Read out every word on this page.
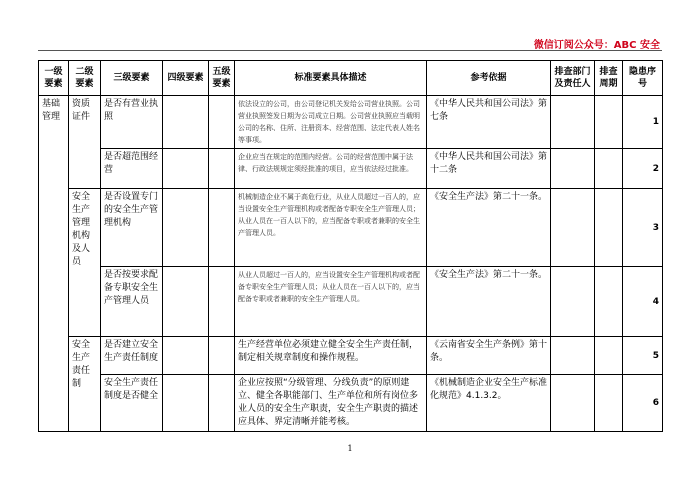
微信订阅公众号：ABC 安全
一级要素	二级要素	三级要素	四级要素	五级要素	标准要素具体描述	参考依据	排查部门及责任人	排查周期	隐患序号
基础管理	资质证件	是否有营业执照			依法设立的公司，由公司登记机关发给公司营业执照。公司营业执照签发日期为公司成立日期。公司营业执照应当载明公司的名称、住所、注册资本、经营范围、法定代表人姓名等事项。	《中华人民共和国公司法》第七条			1
		是否超范围经营			企业应当在规定的范围内经营。公司的经营范围中属于法律、行政法规规定须经批准的项目，应当依法经过批准。	《中华人民共和国公司法》第十二条			2
	安全生产管理机构及人员	是否设置专门的安全生产管理机构			机械制造企业不属于高危行业，从业人员超过一百人的，应当设置安全生产管理机构或者配备专职安全生产管理人员；从业人员在一百人以下的，应当配备专职或者兼职的安全生产管理人员。	《安全生产法》第二十一条。			3
		是否按要求配备专职安全生产管理人员			从业人员超过一百人的，应当设置安全生产管理机构或者配备专职安全生产管理人员；从业人员在一百人以下的，应当配备专职或者兼职的安全生产管理人员。	《安全生产法》第二十一条。			4
	安全生产责任制	是否建立安全生产责任制度			生产经营单位必须建立健全安全生产责任制，制定相关规章制度和操作规程。	《云南省安全生产条例》第十条。			5
		安全生产责任制度是否健全			企业应按照“分级管理、分线负责”的原则建立、健全各职能部门、生产单位和所有岗位多业人员的安全生产职责，安全生产职责的描述应具体、界定清晰并能考核。	《机械制造企业安全生产标准化规范》4.1.3.2。			6
1
